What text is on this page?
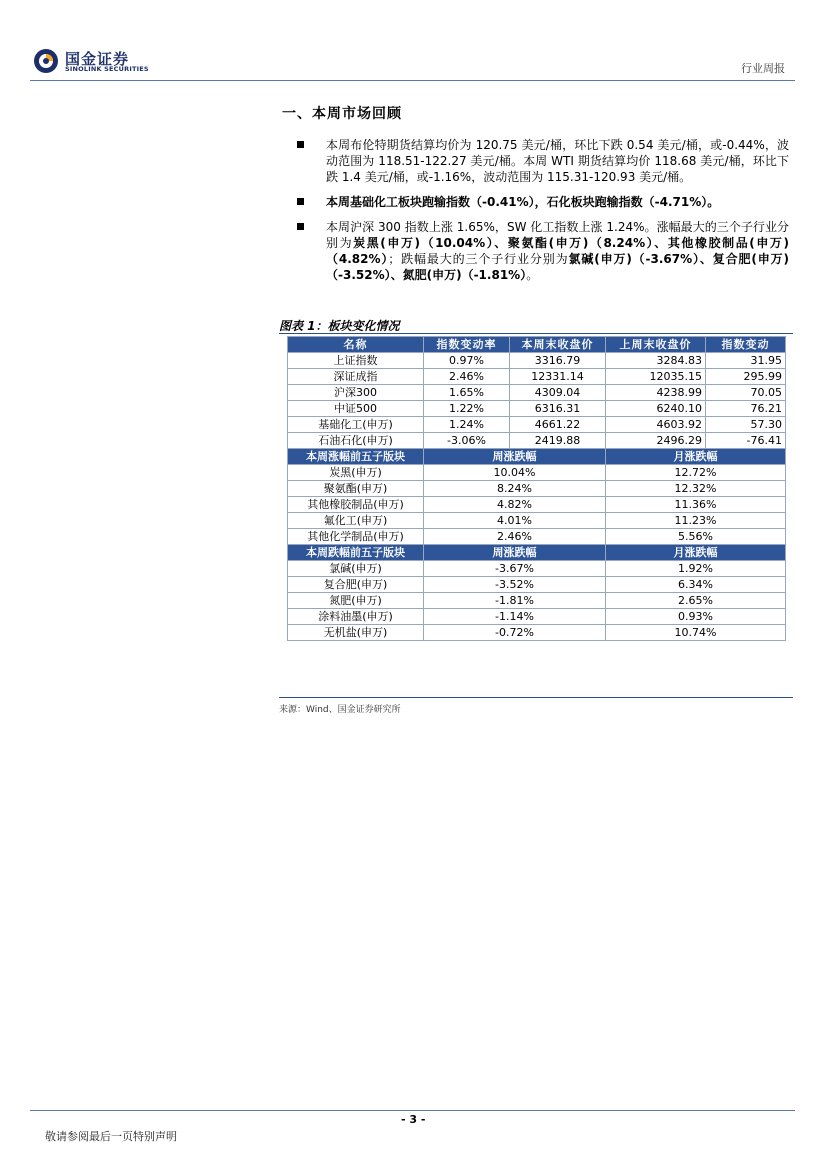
国金证券
SINOLINK SECURITIES	行业周报
一、本周市场回顾
本周布伦特期货结算均价为 120.75 美元/桶，环比下跌 0.54 美元/桶，或-0.44%，波动范围为 118.51-122.27 美元/桶。本周 WTI 期货结算均价 118.68 美元/桶，环比下跌 1.4 美元/桶，或-1.16%，波动范围为 115.31-120.93 美元/桶。
本周基础化工板块跑输指数（-0.41%），石化板块跑输指数（-4.71%）。
本周沪深 300 指数上涨 1.65%，SW 化工指数上涨 1.24%。涨幅最大的三个子行业分别为炭黑(申万)（10.04%）、聚氨酯(申万)（8.24%）、其他橡胶制品(申万)（4.82%）；跌幅最大的三个子行业分别为氯碱(申万)（-3.67%）、复合肥(申万)（-3.52%）、氮肥(申万)（-1.81%）。
图表 1：板块变化情况
名称	指数变动率	本周末收盘价	上周末收盘价	指数变动
上证指数	0.97%	3316.79	3284.83	31.95
深证成指	2.46%	12331.14	12035.15	295.99
沪深300	1.65%	4309.04	4238.99	70.05
中证500	1.22%	6316.31	6240.10	76.21
基础化工(申万)	1.24%	4661.22	4603.92	57.30
石油石化(申万)	-3.06%	2419.88	2496.29	-76.41
本周涨幅前五子版块	周涨跌幅		月涨跌幅	
炭黑(申万)	10.04%		12.72%	
聚氨酯(申万)	8.24%		12.32%	
其他橡胶制品(申万)	4.82%		11.36%	
氟化工(申万)	4.01%		11.23%	
其他化学制品(申万)	2.46%		5.56%	
本周跌幅前五子版块	周涨跌幅		月涨跌幅	
氯碱(申万)	-3.67%		1.92%	
复合肥(申万)	-3.52%		6.34%	
氮肥(申万)	-1.81%		2.65%	
涂料油墨(申万)	-1.14%		0.93%	
无机盐(申万)	-0.72%		10.74%	
来源：Wind、国金证券研究所
- 3 -
敬请参阅最后一页特别声明
